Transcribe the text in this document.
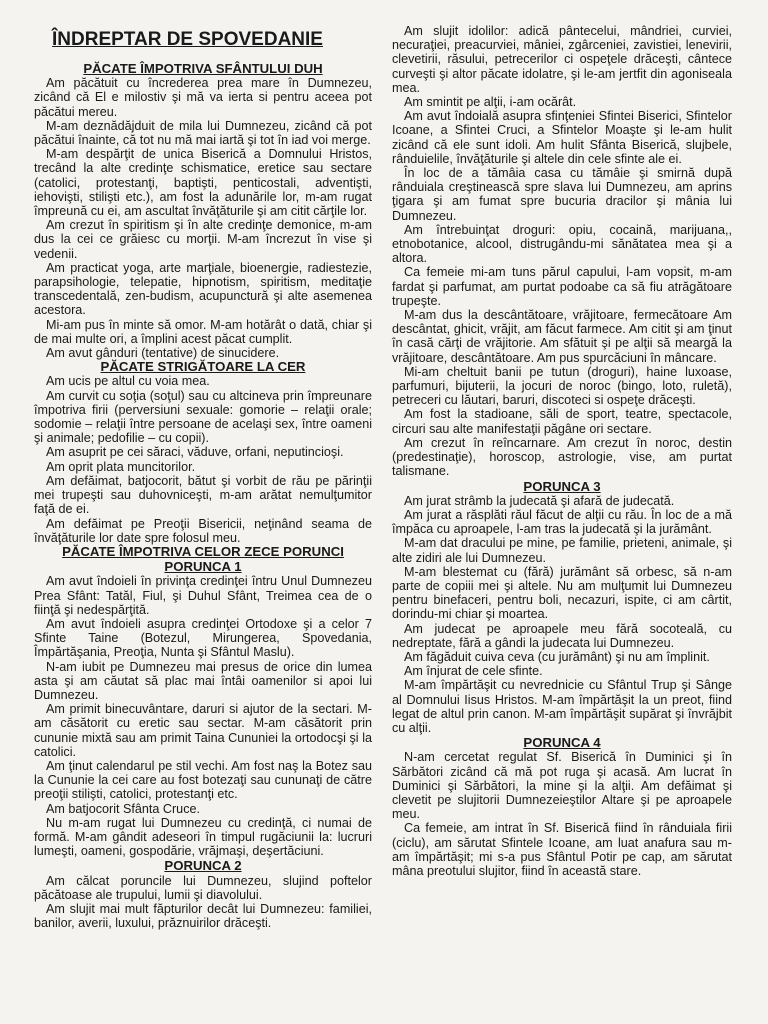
ÎNDREPTAR DE SPOVEDANIE
PĂCATE ÎMPOTRIVA SFÂNTULUI DUH

Am păcătuit cu încrederea prea mare în Dumnezeu, zicând că El e milostiv şi mă va ierta si pentru aceea pot păcătui mereu.

M-am deznădăjduit de mila lui Dumnezeu, zicând că pot păcătui înainte, că tot nu mă mai iartă şi tot în iad voi merge.

M-am despărţit de unica Biserică a Domnului Hristos, trecând la alte credinţe schismatice, eretice sau sectare (catolici, protestanţi, baptişti, penticostali, adventişti, iehovişti, stilişti etc.), am fost la adunările lor, m-am rugat împreună cu ei, am ascultat învăţăturile şi am citit cărţile lor.

Am crezut în spiritism şi în alte credinţe demonice, m-am dus la cei ce grăiesc cu morţii. M-am încrezut în vise şi vedenii.

Am practicat yoga, arte marţiale, bioenergie, radiestezie, parapsihologie, telepatie, hipnotism, spiritism, meditaţie transcedentală, zen-budism, acupunctură şi alte asemenea acestora.

Mi-am pus în minte să omor. M-am hotărât o dată, chiar şi de mai multe ori, a împlini acest păcat cumplit.

Am avut gânduri (tentative) de sinucidere.

PĂCATE STRIGĂTOARE LA CER

Am ucis pe altul cu voia mea.

Am curvit cu soţia (soţul) sau cu altcineva prin împreunare împotriva firii (perversiuni sexuale: gomorie – relaţii orale; sodomie – relaţii între persoane de acelaşi sex, între oameni şi animale; pedofilie – cu copii).

Am asuprit pe cei săraci, văduve, orfani, neputincioşi.

Am oprit plata muncitorilor.

Am defăimat, batjocorit, bătut şi vorbit de rău pe părinţii mei trupeşti sau duhovniceşti, m-am arătat nemulţumitor faţă de ei.

Am defăimat pe Preoţii Bisericii, neţinând seama de învăţăturile lor date spre folosul meu.

PĂCATE ÎMPOTRIVA CELOR ZECE PORUNCI
PORUNCA 1

Am avut îndoieli în privinţa credinţei întru Unul Dumnezeu Prea Sfânt: Tatăl, Fiul, şi Duhul Sfânt, Treimea cea de o fiinţă şi nedespărţită.

Am avut îndoieli asupra credinţei Ortodoxe şi a celor 7 Sfinte Taine (Botezul, Mirungerea, Spovedania, Împărtăşania, Preoţia, Nunta şi Sfântul Maslu).

N-am iubit pe Dumnezeu mai presus de orice din lumea asta şi am căutat să plac mai întâi oamenilor si apoi lui Dumnezeu.

Am primit binecuvântare, daruri si ajutor de la sectari. M-am căsătorit cu eretic sau sectar. M-am căsătorit prin cununie mixtă sau am primit Taina Cununiei la ortodocşi şi la catolici.

Am ţinut calendarul pe stil vechi. Am fost naş la Botez sau la Cununie la cei care au fost botezaţi sau cununaţi de către preoţii stilişti, catolici, protestanţi etc.

Am batjocorit Sfânta Cruce.

Nu m-am rugat lui Dumnezeu cu credinţă, ci numai de formă. M-am gândit adeseori în timpul rugăciunii la: lucruri lumeşti, oameni, gospodărie, vrăjmaşi, deşertăciuni.

PORUNCA 2

Am călcat poruncile lui Dumnezeu, slujind poftelor păcătoase ale trupului, lumii şi diavolului.

Am slujit mai mult făpturilor decât lui Dumnezeu: familiei, banilor, averii, luxului, prăznuirilor drăceşti.

Am slujit idolilor: adică pântecelui, mândriei, curviei, necuraţiei, preacurviei, mâniei, zgârceniei, zavistiei, lenevirii, clevetirii, răsului, petrecerilor ci ospeţele drăceşti, cântece curveşti şi altor păcate idolatre, şi le-am jertfit din agoniseala mea.

Am smintit pe alţii, i-am ocărât.

Am avut îndoială asupra sfinţeniei Sfintei Biserici, Sfintelor Icoane, a Sfintei Cruci, a Sfintelor Moaşte şi le-am hulit zicând că ele sunt idoli. Am hulit Sfânta Biserică, slujbele, rânduielile, învăţăturile şi altele din cele sfinte ale ei.

În loc de a tămâia casa cu tămâie şi smirnă după rânduiala creştinească spre slava lui Dumnezeu, am aprins ţigara şi am fumat spre bucuria dracilor şi mânia lui Dumnezeu.

Am întrebuinţat droguri: opiu, cocaină, marijuana,, etnobotanice, alcool, distrugându-mi sănătatea mea şi a altora.

Ca femeie mi-am tuns părul capului, l-am vopsit, m-am fardat şi parfumat, am purtat podoabe ca să fiu atrăgătoare trupeşte.

M-am dus la descântătoare, vrăjitoare, fermecătoare Am descântat, ghicit, vrăjit, am făcut farmece. Am citit şi am ţinut în casă cărţi de vrăjitorie. Am sfătuit şi pe alţii să meargă la vrăjitoare, descântătoare. Am pus spurcăciuni în mâncare.

Mi-am cheltuit banii pe tutun (droguri), haine luxoase, parfumuri, bijuterii, la jocuri de noroc (bingo, loto, ruletă), petreceri cu lăutari, baruri, discoteci si ospeţe drăceşti.

Am fost la stadioane, săli de sport, teatre, spectacole, circuri sau alte manifestaţii păgâne ori sectare.

Am crezut în reîncarnare. Am crezut în noroc, destin (predestinaţie), horoscop, astrologie, vise, am purtat talismane.

PORUNCA 3

Am jurat strâmb la judecată şi afară de judecată.

Am jurat a răsplăti răul făcut de alţii cu rău. În loc de a mă împăca cu aproapele, l-am tras la judecată şi la jurământ.

M-am dat dracului pe mine, pe familie, prieteni, animale, şi alte zidiri ale lui Dumnezeu.

M-am blestemat cu (fără) jurământ să orbesc, să n-am parte de copiii mei şi altele. Nu am mulţumit lui Dumnezeu pentru binefaceri, pentru boli, necazuri, ispite, ci am cârtit, dorindu-mi chiar şi moartea.

Am judecat pe aproapele meu fără socoteală, cu nedreptate, fără a gândi la judecata lui Dumnezeu.

Am făgăduit cuiva ceva (cu jurământ) şi nu am împlinit.

Am înjurat de cele sfinte.

M-am împărtăşit cu nevrednicie cu Sfântul Trup şi Sânge al Domnului Iisus Hristos. M-am împărtăşit la un preot, fiind legat de altul prin canon. M-am împărtăşit supărat şi învrăjbit cu alţii.

PORUNCA 4

N-am cercetat regulat Sf. Biserică în Duminici şi în Sărbători zicând că mă pot ruga şi acasă. Am lucrat în Duminici şi Sărbători, la mine şi la alţii. Am defăimat şi clevetit pe slujitorii Dumnezeieştilor Altare şi pe aproapele meu.

Ca femeie, am intrat în Sf. Biserică fiind în rânduiala firii (ciclu), am sărutat Sfintele Icoane, am luat anafura sau m-am împărtăşit; mi s-a pus Sfântul Potir pe cap, am sărutat mâna preotului slujitor, fiind în această stare.
